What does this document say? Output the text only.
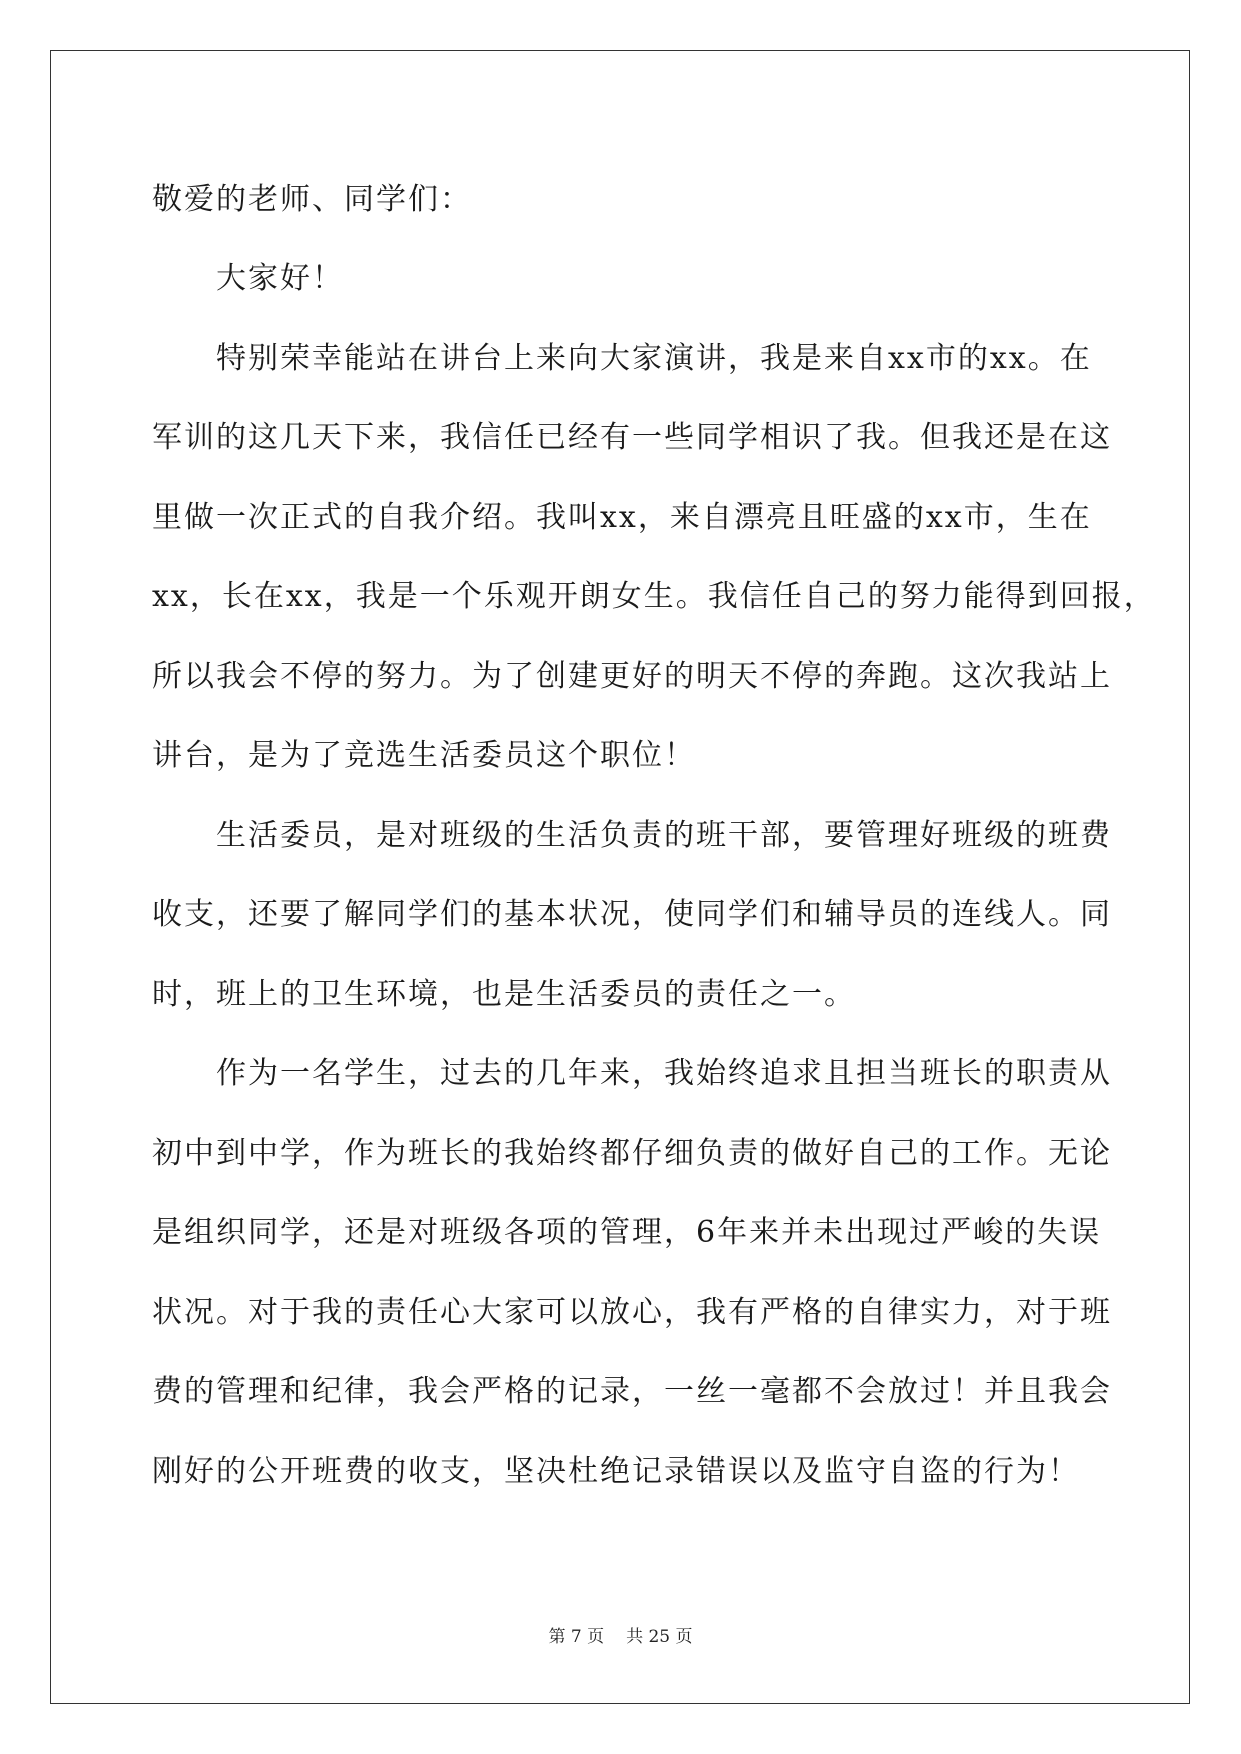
敬爱的老师、同学们：
大家好！
特 别 荣 幸 能 站 在 讲 台 上 来 向 大 家 演 讲 ， 我 是 来 自 xx 市 的 xx 。 在
军 训 的 这 几 天 下 来 ， 我 信 任 已 经 有 一 些 同 学 相 识 了 我 。 但 我 还 是 在 这
里 做 一 次 正 式 的 自 我 介 绍 。 我 叫 xx ， 来 自 漂 亮 且 旺 盛 的 xx 市 ， 生 在
xx ， 长 在 xx ， 我 是 一 个 乐 观 开 朗 女 生 。 我 信 任 自 己 的 努 力 能 得 到 回 报 ，
所 以 我 会 不 停 的 努 力 。 为 了 创 建 更 好 的 明 天 不 停 的 奔 跑 。 这 次 我 站 上
讲台，是为了竞选生活委员这个职位！
生 活 委 员 ， 是 对 班 级 的 生 活 负 责 的 班 干 部 ， 要 管 理 好 班 级 的 班 费
收 支 ， 还 要 了 解 同 学 们 的 基 本 状 况 ， 使 同 学 们 和 辅 导 员 的 连 线 人 。 同
时，班上的卫生环境，也是生活委员的责任之一。
作 为 一 名 学 生 ， 过 去 的 几 年 来 ， 我 始 终 追 求 且 担 当 班 长 的 职 责 从
初 中 到 中 学 ， 作 为 班 长 的 我 始 终 都 仔 细 负 责 的 做 好 自 己 的 工 作 。 无 论
是 组 织 同 学 ， 还 是 对 班 级 各 项 的 管 理 ， 6 年 来 并 未 出 现 过 严 峻 的 失 误
状 况 。 对 于 我 的 责 任 心 大 家 可 以 放 心 ， 我 有 严 格 的 自 律 实 力 ， 对 于 班
费 的 管 理 和 纪 律 ， 我 会 严 格 的 记 录 ， 一 丝 一 毫 都 不 会 放 过 ！ 并 且 我 会
刚好的公开班费的收支，坚决杜绝记录错误以及监守自盗的行为！
第 7 页 共 25 页
